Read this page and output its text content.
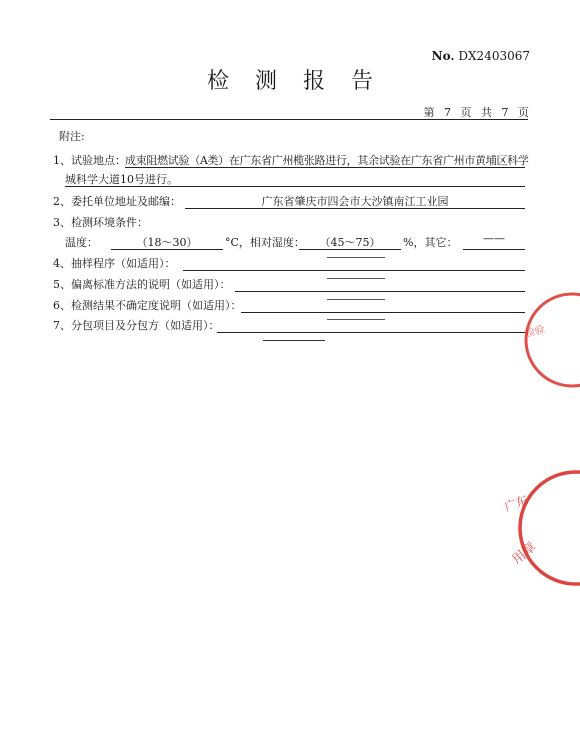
No. DX2403067
检测报告
第 7 页 共 7 页
附注:
1、试验地点： 成束阻燃试验（A类）在广东省广州榄张路进行，其余试验在广东省广州市黄埔区科学
城科学大道10号进行。
2、委托单位地址及邮编：	广东省肇庆市四会市大沙镇南江工业园
3、检测环境条件：
温度：	（18～30）	°C，相对湿度：	（45～75）	%，其它：	——
4、抽样程序（如适用）：
5、偏离标准方法的说明（如适用）：
6、检测结果不确定度说明（如适用）：
7、分包项目及分包方（如适用）：	检验
广东
用章
